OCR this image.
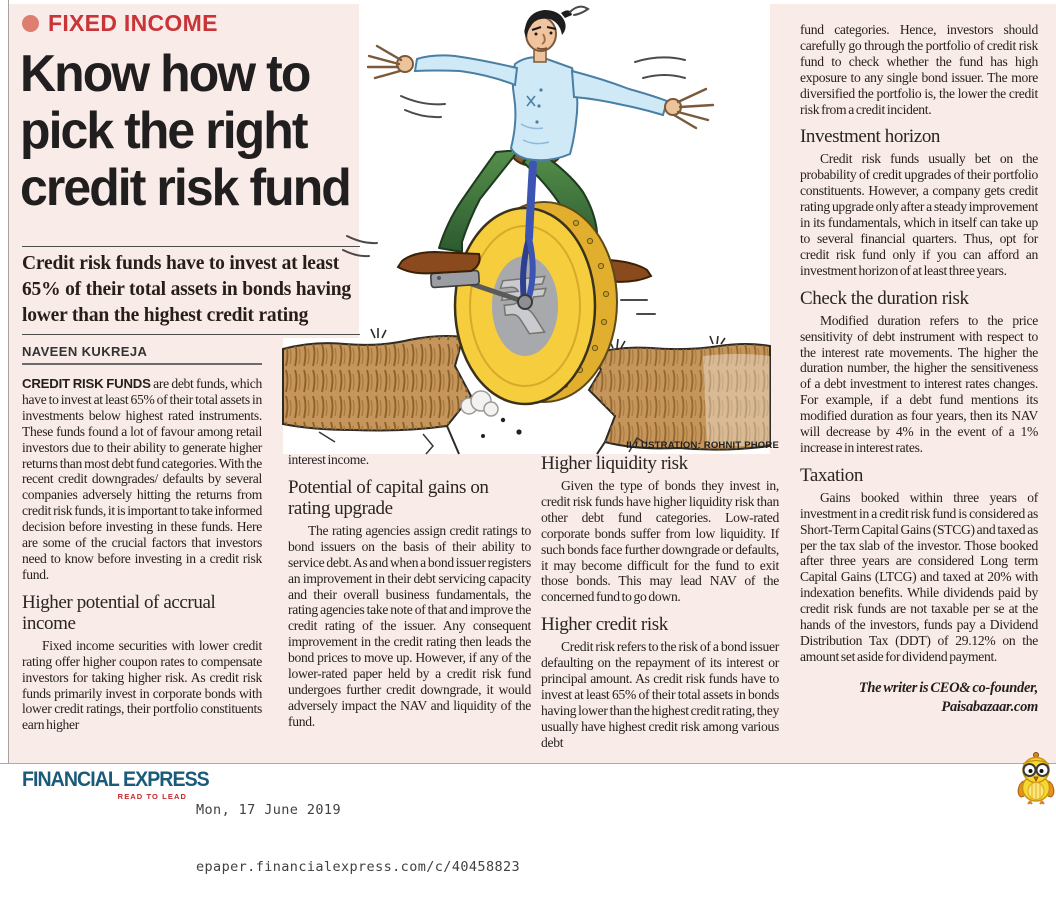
ILLUSTRATION: ROHNIT PHORE
FIXED INCOME
Know how to
pick the right
credit risk fund
Credit risk funds have to invest at least 65% of their total assets in bonds having lower than the highest credit rating
NAVEEN KUKREJA

CREDIT RISK FUNDS are debt funds, which have to invest at least 65% of their total assets in investments below highest rated instruments. These funds found a lot of favour among retail investors due to their ability to generate higher returns than most debt fund categories. With the recent credit downgrades/ defaults by several companies adversely hitting the returns from credit risk funds, it is important to take informed decision before investing in these funds. Here are some of the crucial factors that investors need to know before investing in a credit risk fund.

Higher potential of accrual income

Fixed income securities with lower credit rating offer higher coupon rates to compensate investors for taking higher risk. As credit risk funds primarily invest in corporate bonds with lower credit ratings, their portfolio constituents earn higher

interest income.

Potential of capital gains on rating upgrade

The rating agencies assign credit ratings to bond issuers on the basis of their ability to service debt. As and when a bond issuer registers an improvement in their debt servicing capacity and their overall business fundamentals, the rating agencies take note of that and improve the credit rating of the issuer. Any consequent improvement in the credit rating then leads the bond prices to move up. However, if any of the lower-rated paper held by a credit risk fund undergoes further credit downgrade, it would adversely impact the NAV and liquidity of the fund.

Higher liquidity risk

Given the type of bonds they invest in, credit risk funds have higher liquidity risk than other debt fund categories. Low-rated corporate bonds suffer from low liquidity. If such bonds face further downgrade or defaults, it may become difficult for the fund to exit those bonds. This may lead NAV of the concerned fund to go down.

Higher credit risk

Credit risk refers to the risk of a bond issuer defaulting on the repayment of its interest or principal amount. As credit risk funds have to invest at least 65% of their total assets in bonds having lower than the highest credit rating, they usually have highest credit risk among various debt

fund categories. Hence, investors should carefully go through the portfolio of credit risk fund to check whether the fund has high exposure to any single bond issuer. The more diversified the portfolio is, the lower the credit risk from a credit incident.

Investment horizon

Credit risk funds usually bet on the probability of credit upgrades of their portfolio constituents. However, a company gets credit rating upgrade only after a steady improvement in its fundamentals, which in itself can take up to several financial quarters. Thus, opt for credit risk fund only if you can afford an investment horizon of at least three years.

Check the duration risk

Modified duration refers to the price sensitivity of debt instrument with respect to the interest rate movements. The higher the duration number, the higher the sensitiveness of a debt investment to interest rates changes. For example, if a debt fund mentions its modified duration as four years, then its NAV will decrease by 4% in the event of a 1% increase in interest rates.

Taxation

Gains booked within three years of investment in a credit risk fund is considered as Short-Term Capital Gains (STCG) and taxed as per the tax slab of the investor. Those booked after three years are considered Long term Capital Gains (LTCG) and taxed at 20% with indexation benefits. While dividends paid by credit risk funds are not taxable per se at the hands of the investors, funds pay a Dividend Distribution Tax (DDT) of 29.12% on the amount set aside for dividend payment.

The writer is CEO& co-founder,
Paisabazaar.com

FINANCIAL EXPRESS
READ TO LEAD

Mon, 17 June 2019

epaper.financialexpress.com/c/40458823
